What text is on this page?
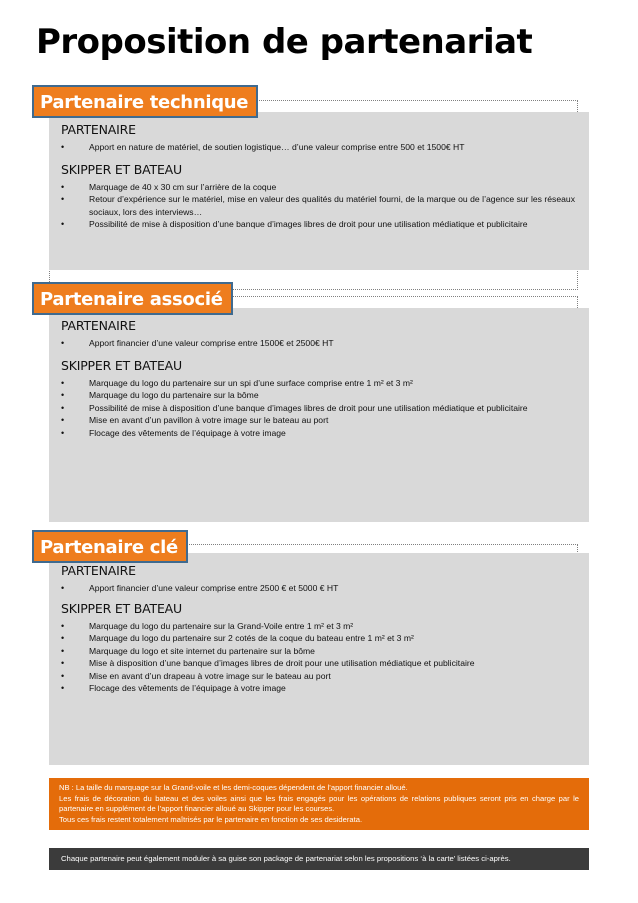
Proposition de partenariat
PARTENAIRE
• Apport en nature de matériel, de soutien logistique… d’une valeur comprise entre 500 et 1500€ HT
SKIPPER ET BATEAU
• Marquage de 40 x 30 cm sur l’arrière de la coque
• Retour d’expérience sur le matériel, mise en valeur des qualités du matériel fourni, de la marque ou de l’agence sur les réseaux sociaux, lors des interviews…
• Possibilité de mise à disposition d’une banque d’images libres de droit pour une utilisation médiatique et publicitaire
Partenaire technique
PARTENAIRE
• Apport financier d’une valeur comprise entre 1500€ et 2500€ HT
SKIPPER ET BATEAU
• Marquage du logo du partenaire sur un spi d’une surface comprise entre 1 m² et 3 m²
• Marquage du logo du partenaire sur la bôme
• Possibilité de mise à disposition d’une banque d’images libres de droit pour une utilisation médiatique et publicitaire
• Mise en avant d’un pavillon à votre image sur le bateau au port
• Flocage des vêtements de l’équipage à votre image
Partenaire associé
PARTENAIRE
• Apport financier d’une valeur comprise entre 2500 € et 5000 € HT
SKIPPER ET BATEAU
• Marquage du logo du partenaire sur la Grand-Voile entre 1 m² et 3 m²
• Marquage du logo du partenaire sur 2 cotés de la coque du bateau entre 1 m² et 3 m²
• Marquage du logo et site internet du partenaire sur la bôme
• Mise à disposition d’une banque d’images libres de droit pour une utilisation médiatique et publicitaire
• Mise en avant d’un drapeau à votre image sur le bateau au port
• Flocage des vêtements de l’équipage à votre image
Partenaire clé

NB : La taille du marquage sur la Grand-voile et les demi-coques dépendent de l’apport financier alloué.

Les frais de décoration du bateau et des voiles ainsi que les frais engagés pour les opérations de relations publiques seront pris en charge par le partenaire en supplément de l’apport financier alloué au Skipper pour les courses.

Tous ces frais restent totalement maîtrisés par le partenaire en fonction de ses desiderata.

Chaque partenaire peut également moduler à sa guise son package de partenariat selon les propositions ‘à la carte’ listées ci-après.
